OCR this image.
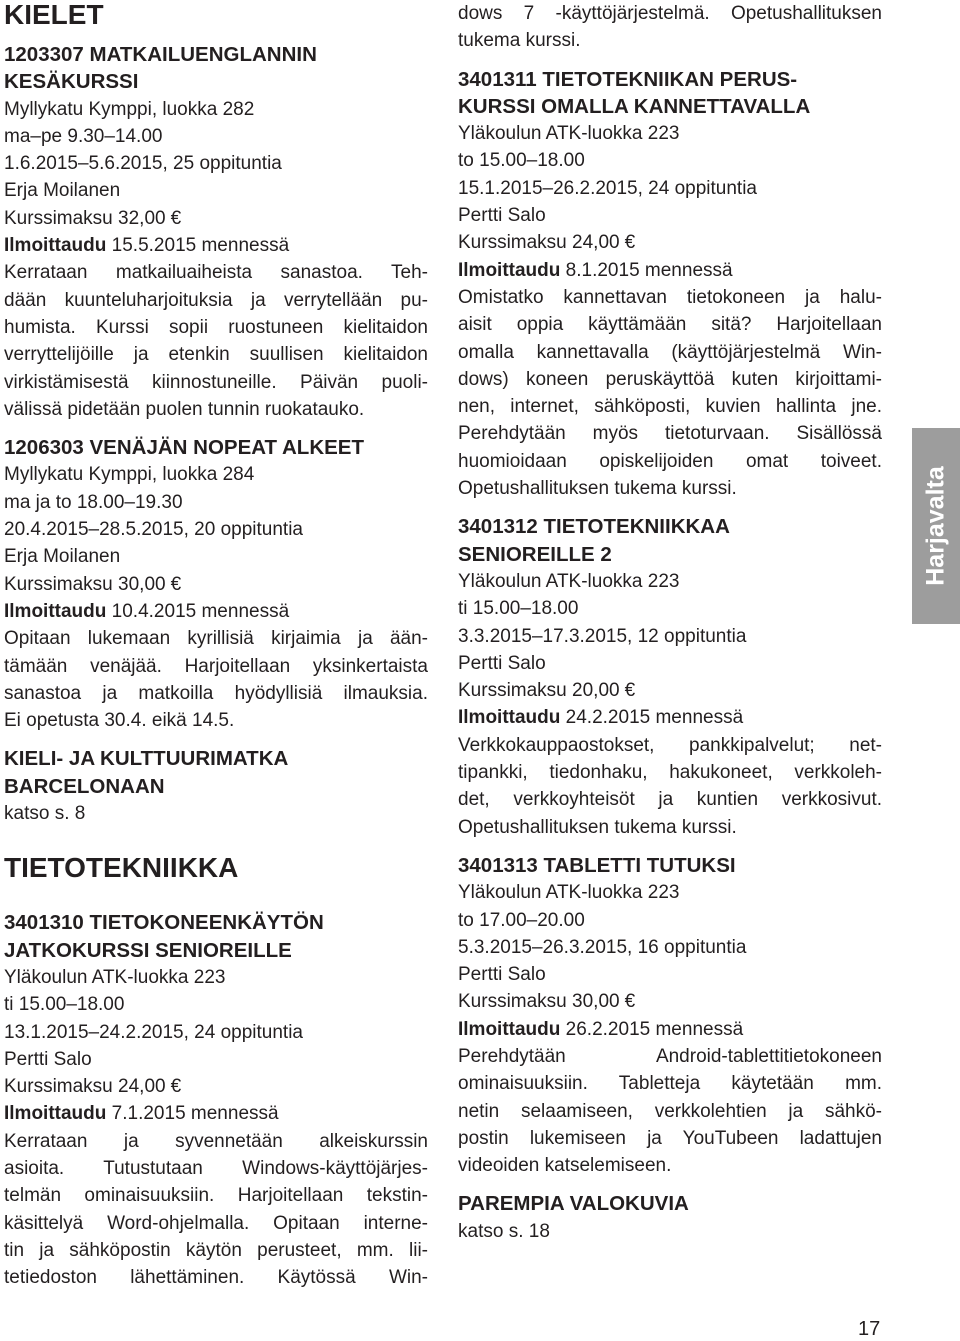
KIELET

1203307 MATKAILUENGLANNIN

KESÄKURSSI

Myllykatu Kymppi, luokka 282

ma–pe 9.30–14.00

1.6.2015–5.6.2015, 25 oppituntia

Erja Moilanen

Kurssimaksu 32,00 €

Ilmoittaudu 15.5.2015 mennessä

Kerrataan matkailuaiheista sanastoa. Teh-

dään kuunteluharjoituksia ja verrytellään pu-

humista. Kurssi sopii ruostuneen kielitaidon

verryttelijöille ja etenkin suullisen kielitaidon

virkistämisestä kiinnostuneille. Päivän puoli-

välissä pidetään puolen tunnin ruokatauko.

1206303 VENÄJÄN NOPEAT ALKEET

Myllykatu Kymppi, luokka 284

ma ja to 18.00–19.30

20.4.2015–28.5.2015, 20 oppituntia

Erja Moilanen

Kurssimaksu 30,00 €

Ilmoittaudu 10.4.2015 mennessä

Opitaan lukemaan kyrillisiä kirjaimia ja ään-

tämään venäjää. Harjoitellaan yksinkertaista

sanastoa ja matkoilla hyödyllisiä ilmauksia.

Ei opetusta 30.4. eikä 14.5.

KIELI- JA KULTTUURIMATKA

BARCELONAAN

katso s. 8

TIETOTEKNIIKKA

3401310 TIETOKONEENKÄYTÖN

JATKOKURSSI SENIOREILLE

Yläkoulun ATK-luokka 223

ti 15.00–18.00

13.1.2015–24.2.2015, 24 oppituntia

Pertti Salo

Kurssimaksu 24,00 €

Ilmoittaudu 7.1.2015 mennessä

Kerrataan ja syvennetään alkeiskurssin

asioita. Tutustutaan Windows-käyttöjärjes-

telmän ominaisuuksiin. Harjoitellaan tekstin-

käsittelyä Word-ohjelmalla. Opitaan interne-

tin ja sähköpostin käytön perusteet, mm. lii-

tetiedoston lähettäminen. Käytössä Win-

dows 7 -käyttöjärjestelmä. Opetushallituksen

tukema kurssi.

3401311 TIETOTEKNIIKAN PERUS-

KURSSI OMALLA KANNETTAVALLA

Yläkoulun ATK-luokka 223

to 15.00–18.00

15.1.2015–26.2.2015, 24 oppituntia

Pertti Salo

Kurssimaksu 24,00 €

Ilmoittaudu 8.1.2015 mennessä

Omistatko kannettavan tietokoneen ja halu-

aisit oppia käyttämään sitä? Harjoitellaan

omalla kannettavalla (käyttöjärjestelmä Win-

dows) koneen peruskäyttöä kuten kirjoittami-

nen, internet, sähköposti, kuvien hallinta jne.

Perehdytään myös tietoturvaan. Sisällössä

huomioidaan opiskelijoiden omat toiveet.

Opetushallituksen tukema kurssi.

3401312 TIETOTEKNIIKKAA

SENIOREILLE 2

Yläkoulun ATK-luokka 223

ti 15.00–18.00

3.3.2015–17.3.2015, 12 oppituntia

Pertti Salo

Kurssimaksu 20,00 €

Ilmoittaudu 24.2.2015 mennessä

Verkkokauppaostokset, pankkipalvelut; net-

tipankki, tiedonhaku, hakukoneet, verkkoleh-

det, verkkoyhteisöt ja kuntien verkkosivut.

Opetushallituksen tukema kurssi.

3401313 TABLETTI TUTUKSI

Yläkoulun ATK-luokka 223

to 17.00–20.00

5.3.2015–26.3.2015, 16 oppituntia

Pertti Salo

Kurssimaksu 30,00 €

Ilmoittaudu 26.2.2015 mennessä

Perehdytään Android-tablettitietokoneen

ominaisuuksiin. Tabletteja käytetään mm.

netin selaamiseen, verkkolehtien ja sähkö-

postin lukemiseen ja YouTubeen ladattujen

videoiden katselemiseen.

PAREMPIA VALOKUVIA

katso s. 18

Harjavalta
17
